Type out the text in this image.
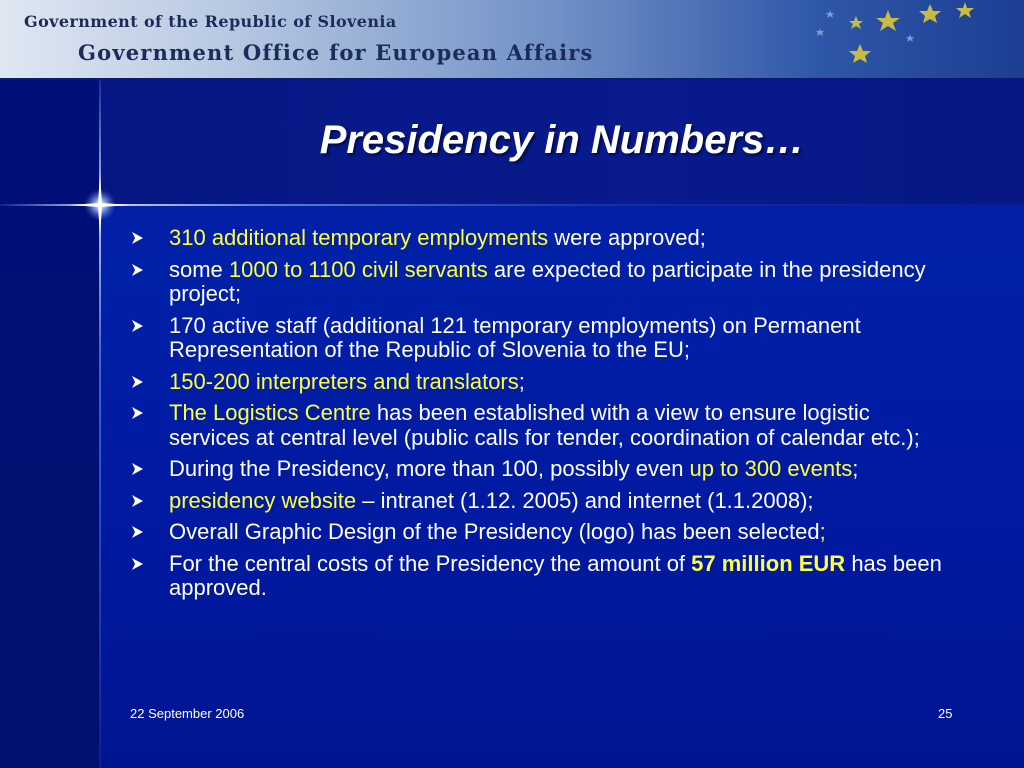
Government of the Republic of Slovenia
Government Office for European Affairs
Presidency in Numbers…
310 additional temporary employments were approved;
some 1000 to 1100 civil servants are expected to participate in the presidency project;
170 active staff (additional 121 temporary employments) on Permanent Representation of the Republic of Slovenia to the EU;
150-200 interpreters and translators;
The Logistics Centre has been established with a view to ensure logistic services at central level (public calls for tender, coordination of calendar etc.);
During the Presidency, more than 100, possibly even up to 300 events;
presidency website – intranet (1.12. 2005) and internet (1.1.2008);
Overall Graphic Design of the Presidency (logo) has been selected;
For the central costs of the Presidency the amount of 57 million EUR has been approved.
22 September 2006	25
